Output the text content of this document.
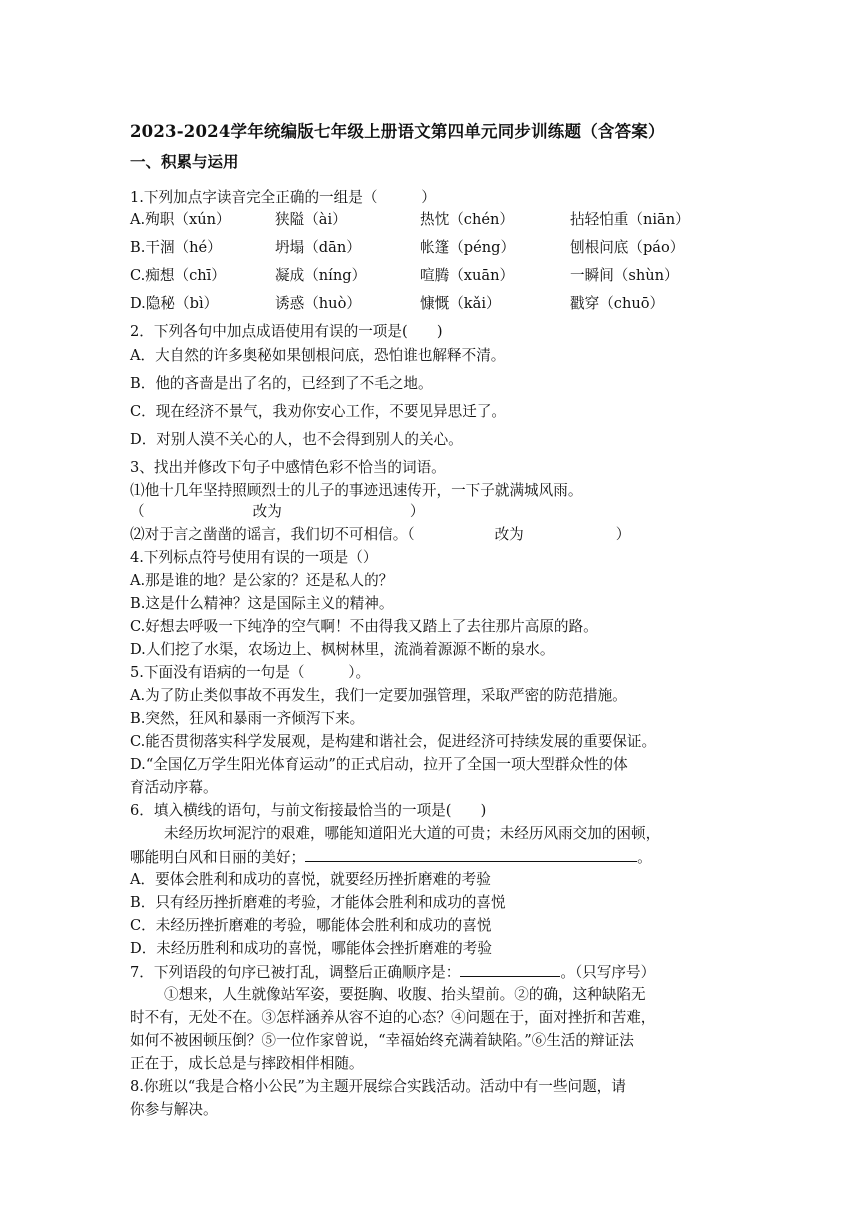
2023-2024学年统编版七年级上册语文第四单元同步训练题（含答案）
一、积累与运用
1.下列加点字读音完全正确的一组是（　　　）
A.殉职（xún）	狭隘（ài）	热忱（chén）	拈轻怕重（niān）
B.干涸（hé）	坍塌（dān）	帐篷（péng）	刨根问底（páo）
C.痴想（chī）	凝成（níng）	喧腾（xuān）	一瞬间（shùn）
D.隐秘（bì）	诱惑（huò）	慷慨（kǎi）	戳穿（chuō）
2．下列各句中加点成语使用有误的一项是(　　)
A．大自然的许多奥秘如果刨根问底，恐怕谁也解释不清。
B．他的吝啬是出了名的，已经到了不毛之地。
C．现在经济不景气，我劝你安心工作，不要见异思迁了。
D．对别人漠不关心的人，也不会得到别人的关心。
3、找出并修改下句子中感情色彩不恰当的词语。
⑴他十几年坚持照顾烈士的儿子的事迹迅速传开，一下子就满城风雨。
（	改为	）
⑵对于言之凿凿的谣言，我们切不可相信。（	改为	）
4.下列标点符号使用有误的一项是（）
A.那是谁的地？是公家的？还是私人的？
B.这是什么精神？这是国际主义的精神。
C.好想去呼吸一下纯净的空气啊！不由得我又踏上了去往那片高原的路。
D.人们挖了水渠，农场边上、枫树林里，流淌着源源不断的泉水。
5.下面没有语病的一句是（　　　）。
A.为了防止类似事故不再发生，我们一定要加强管理，采取严密的防范措施。
B.突然，狂风和暴雨一齐倾泻下来。
C.能否贯彻落实科学发展观，是构建和谐社会，促进经济可持续发展的重要保证。
D.“全国亿万学生阳光体育运动”的正式启动，拉开了全国一项大型群众性的体
育活动序幕。
6．填入横线的语句，与前文衔接最恰当的一项是(　　)
未经历坎坷泥泞的艰难，哪能知道阳光大道的可贵；未经历风雨交加的困顿，
哪能明白风和日丽的美好；	。
A．要体会胜利和成功的喜悦，就要经历挫折磨难的考验
B．只有经历挫折磨难的考验，才能体会胜利和成功的喜悦
C．未经历挫折磨难的考验，哪能体会胜利和成功的喜悦
D．未经历胜利和成功的喜悦，哪能体会挫折磨难的考验
7．下列语段的句序已被打乱，调整后正确顺序是：	。（只写序号）
①想来，人生就像站军姿，要挺胸、收腹、抬头望前。②的确，这种缺陷无
时不有，无处不在。③怎样涵养从容不迫的心态？④问题在于，面对挫折和苦难，
如何不被困顿压倒？⑤一位作家曾说，“幸福始终充满着缺陷。”⑥生活的辩证法
正在于，成长总是与摔跤相伴相随。
8.你班以“我是合格小公民”为主题开展综合实践活动。活动中有一些问题，请
你参与解决。
